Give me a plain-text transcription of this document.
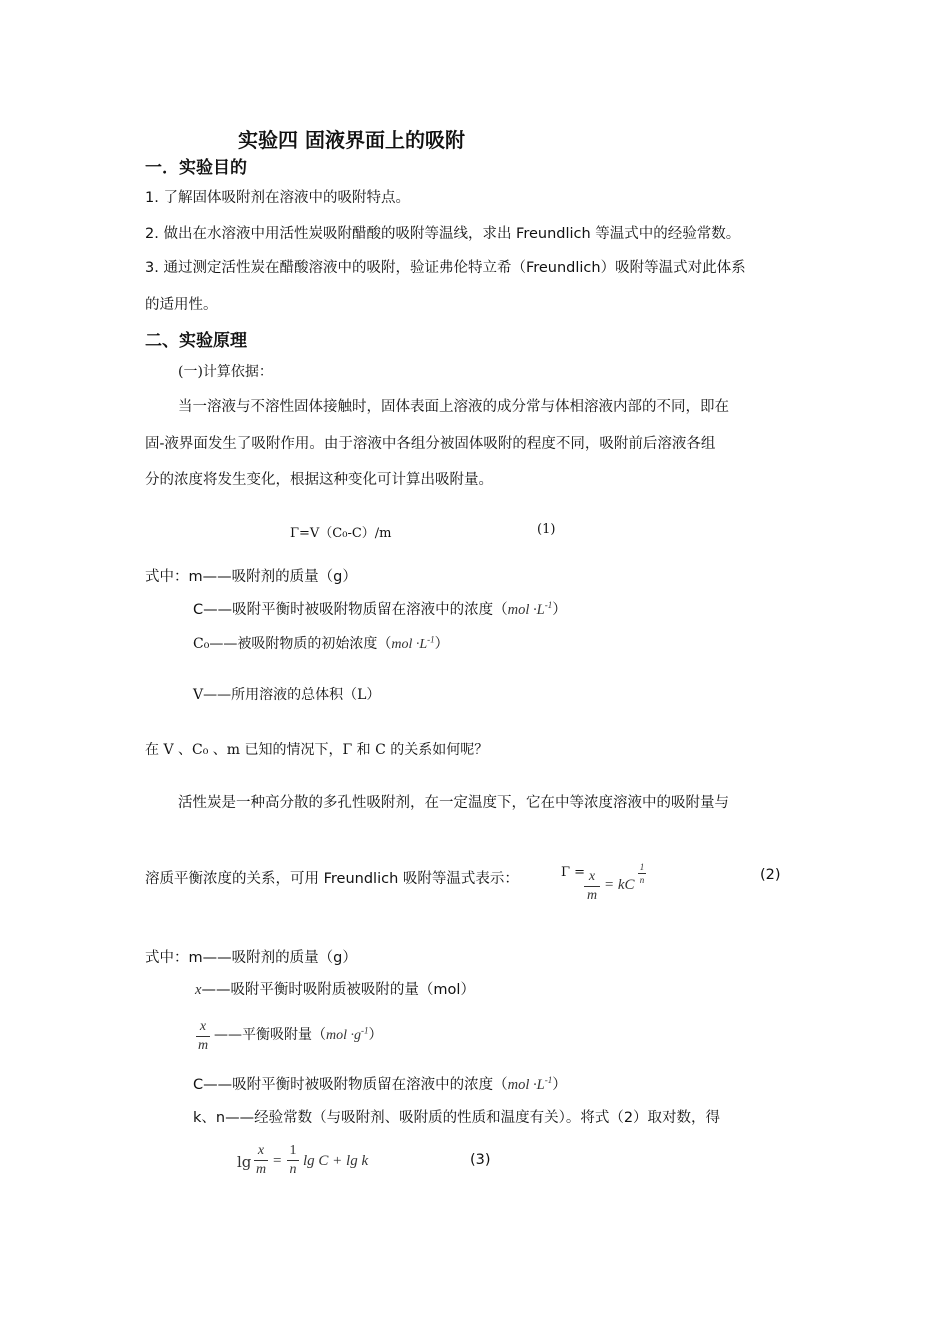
实验四 固液界面上的吸附
一．实验目的
1. 了解固体吸附剂在溶液中的吸附特点。
2. 做出在水溶液中用活性炭吸附醋酸的吸附等温线，求出 Freundlich 等温式中的经验常数。
3. 通过测定活性炭在醋酸溶液中的吸附，验证弗伦特立希（Freundlich）吸附等温式对此体系
的适用性。
二、实验原理
(一)计算依据：
当一溶液与不溶性固体接触时，固体表面上溶液的成分常与体相溶液内部的不同，即在
固-液界面发生了吸附作用。由于溶液中各组分被固体吸附的程度不同，吸附前后溶液各组
分的浓度将发生变化，根据这种变化可计算出吸附量。
Γ=V（C₀-C）/m	(1)
式中：m——吸附剂的质量（g）
C——吸附平衡时被吸附物质留在溶液中的浓度$(mol \cdot L^{-1})$
C₀——被吸附物质的初始浓度$(mol \cdot L^{-1})$
V——所用溶液的总体积（L）
在 V 、C₀ 、m 已知的情况下，Γ 和 C 的关系如何呢？
活性炭是一种高分散的多孔性吸附剂，在一定温度下，它在中等浓度溶液中的吸附量与
溶质平衡浓度的关系，可用 Freundlich 吸附等温式表示：	Γ = x
m
= kC
1
n	(2)
式中：m——吸附剂的质量（g）
x——吸附平衡时吸附质被吸附的量（mol）
x
m
——平衡吸附量$(mol \cdot g^{-1})$
C——吸附平衡时被吸附物质留在溶液中的浓度$(mol \cdot L^{-1})$
k、n——经验常数（与吸附剂、吸附质的性质和温度有关）。将式（2）取对数，得
lg
x
m
=
1
n
lg C + lg k	(3)
